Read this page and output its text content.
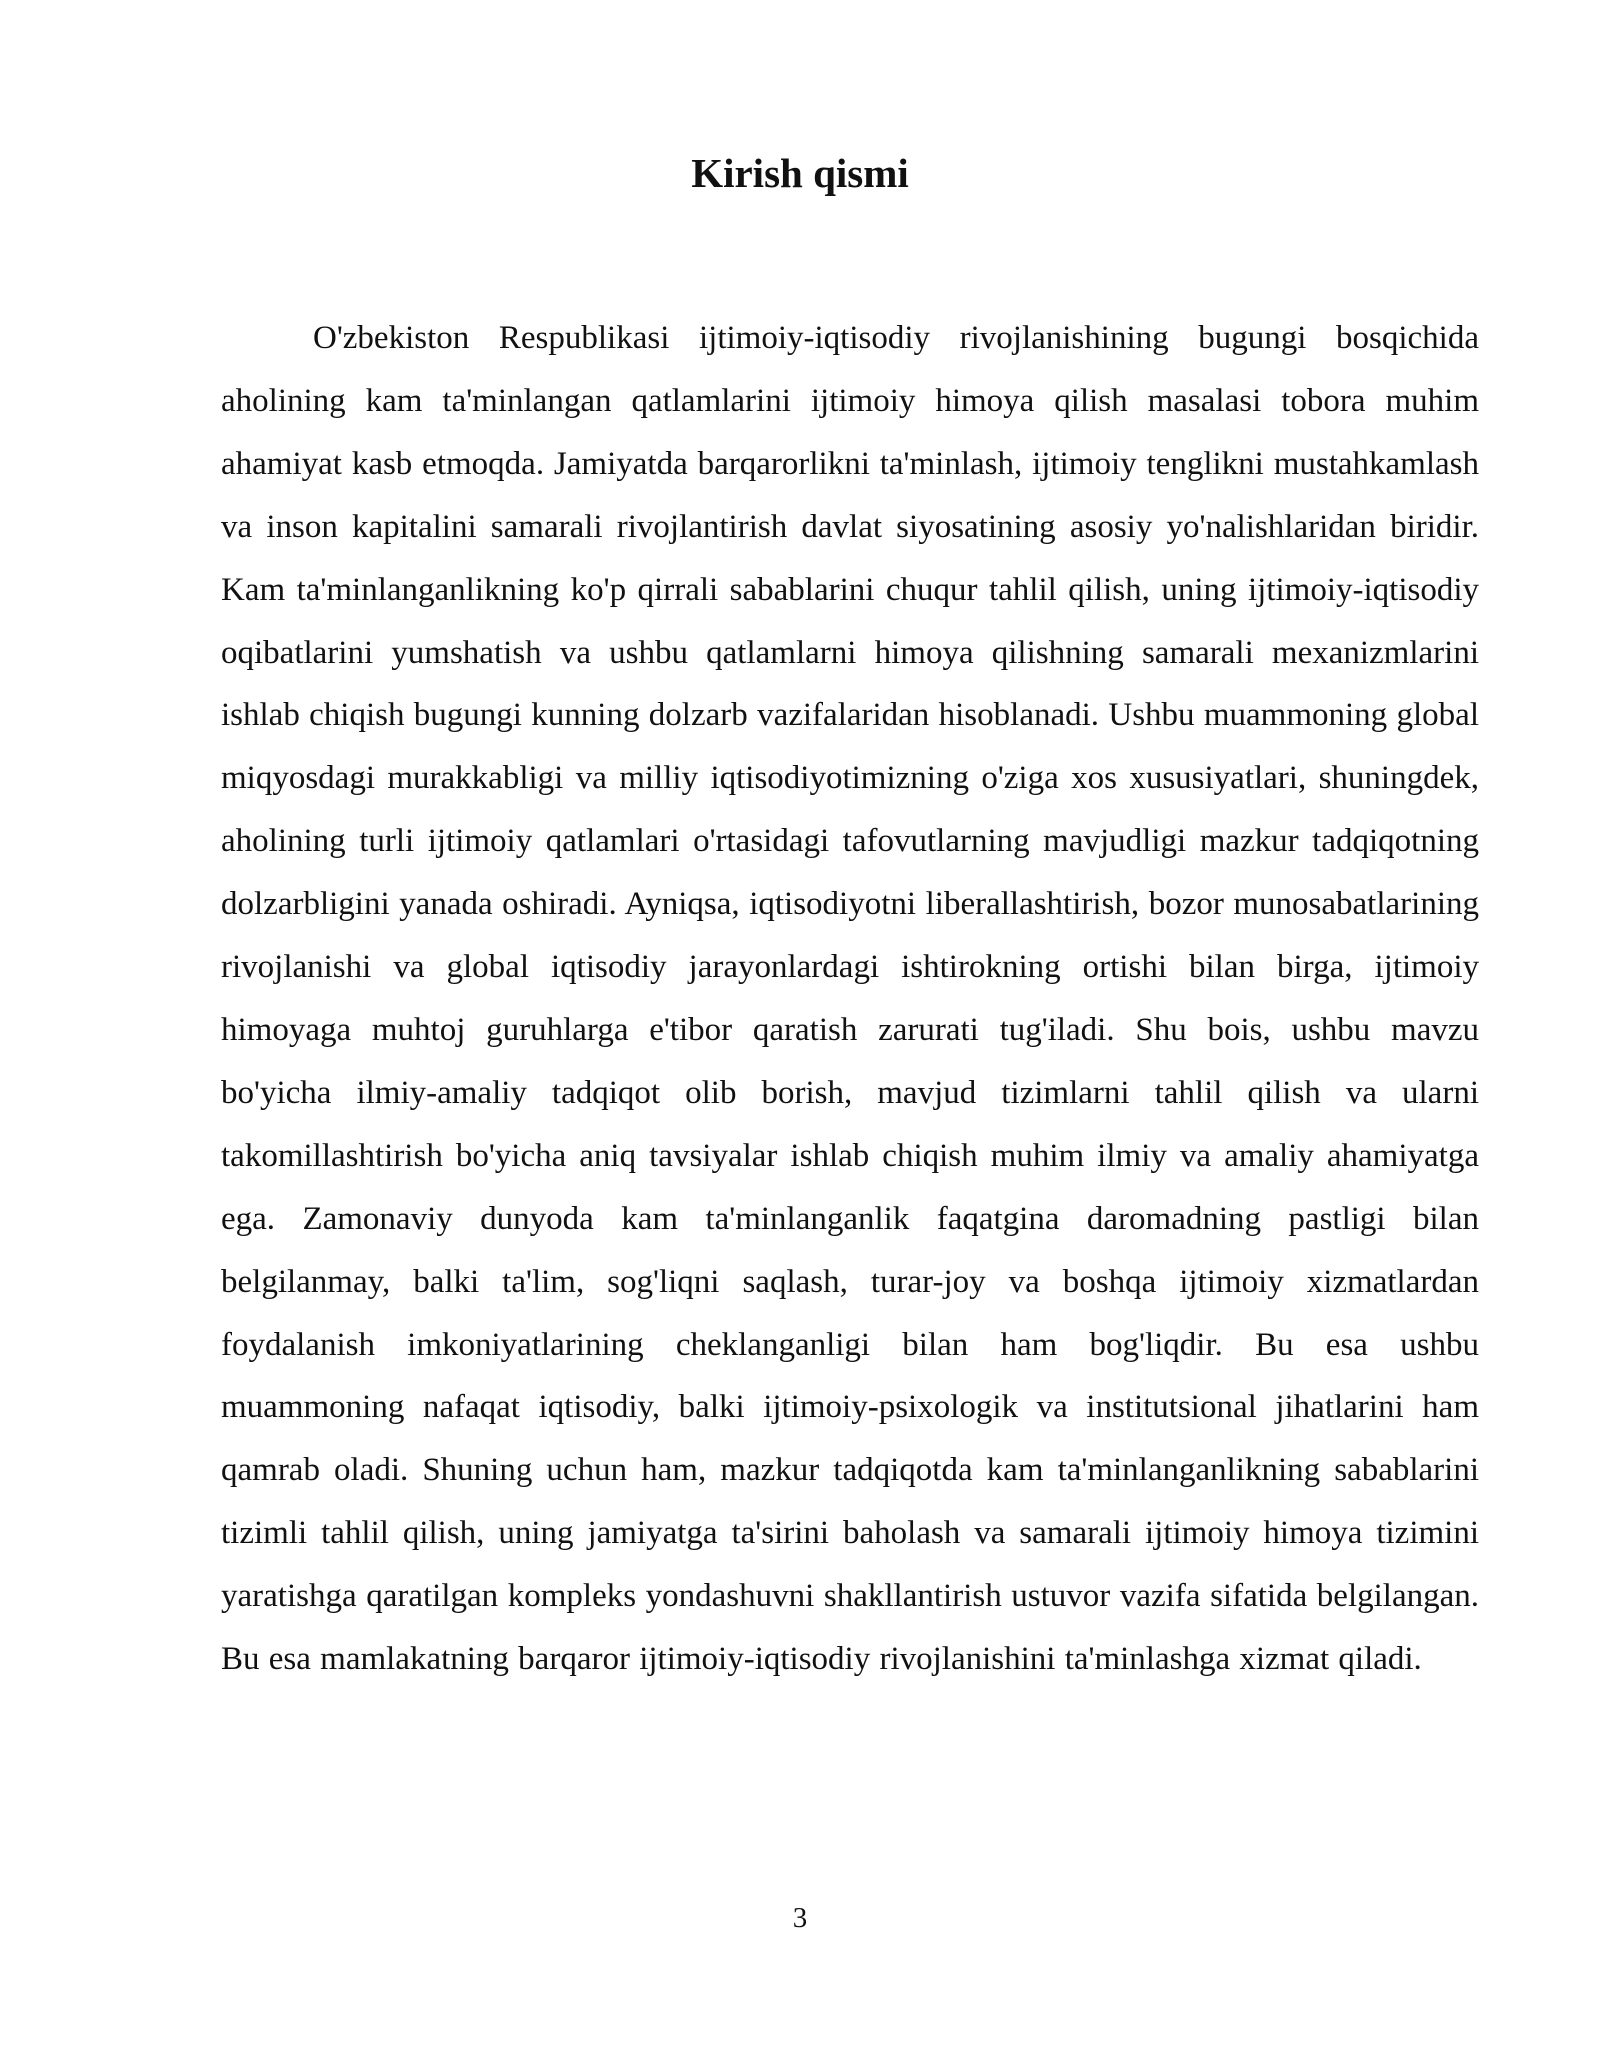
Kirish qismi

O'zbekiston Respublikasi ijtimoiy-iqtisodiy rivojlanishining bugungi bosqichida aholining kam ta'minlangan qatlamlarini ijtimoiy himoya qilish masalasi tobora muhim ahamiyat kasb etmoqda. Jamiyatda barqarorlikni ta'minlash, ijtimoiy tenglikni mustahkamlash va inson kapitalini samarali rivojlantirish davlat siyosatining asosiy yo'nalishlaridan biridir. Kam ta'minlanganlikning ko'p qirrali sabablarini chuqur tahlil qilish, uning ijtimoiy-iqtisodiy oqibatlarini yumshatish va ushbu qatlamlarni himoya qilishning samarali mexanizmlarini ishlab chiqish bugungi kunning dolzarb vazifalaridan hisoblanadi. Ushbu muammoning global miqyosdagi murakkabligi va milliy iqtisodiyotimizning o'ziga xos xususiyatlari, shuningdek, aholining turli ijtimoiy qatlamlari o'rtasidagi tafovutlarning mavjudligi mazkur tadqiqotning dolzarbligini yanada oshiradi. Ayniqsa, iqtisodiyotni liberallashtirish, bozor munosabatlarining rivojlanishi va global iqtisodiy jarayonlardagi ishtirokning ortishi bilan birga, ijtimoiy himoyaga muhtoj guruhlarga e'tibor qaratish zarurati tug'iladi. Shu bois, ushbu mavzu bo'yicha ilmiy-amaliy tadqiqot olib borish, mavjud tizimlarni tahlil qilish va ularni takomillashtirish bo'yicha aniq tavsiyalar ishlab chiqish muhim ilmiy va amaliy ahamiyatga ega. Zamonaviy dunyoda kam ta'minlanganlik faqatgina daromadning pastligi bilan belgilanmay, balki ta'lim, sog'liqni saqlash, turar-joy va boshqa ijtimoiy xizmatlardan foydalanish imkoniyatlarining cheklanganligi bilan ham bog'liqdir. Bu esa ushbu muammoning nafaqat iqtisodiy, balki ijtimoiy-psixologik va institutsional jihatlarini ham qamrab oladi. Shuning uchun ham, mazkur tadqiqotda kam ta'minlanganlikning sabablarini tizimli tahlil qilish, uning jamiyatga ta'sirini baholash va samarali ijtimoiy himoya tizimini yaratishga qaratilgan kompleks yondashuvni shakllantirish ustuvor vazifa sifatida belgilangan. Bu esa mamlakatning barqaror ijtimoiy-iqtisodiy rivojlanishini ta'minlashga xizmat qiladi.

3
